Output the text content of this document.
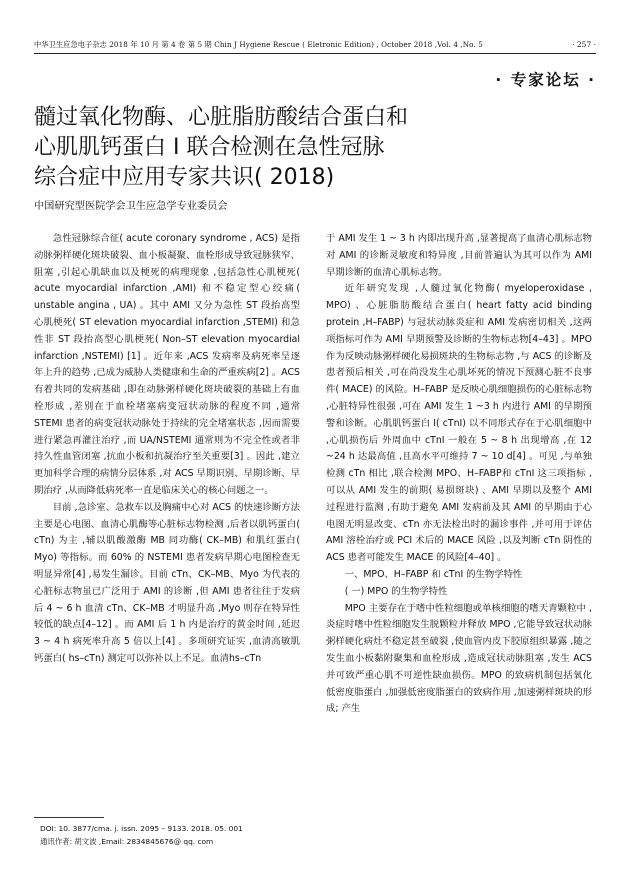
中华卫生应急电子杂志 2018 年 10 月 第 4 卷 第 5 期 Chin J Hygiene Rescue ( Eletronic Edition) , October 2018 ,Vol. 4 ,No. 5	· 257 ·
· 专家论坛 ·
髓过氧化物酶、心脏脂肪酸结合蛋白和
心肌肌钙蛋白 I 联合检测在急性冠脉
综合症中应用专家共识( 2018)
中国研究型医院学会卫生应急学专业委员会

急性冠脉综合征( acute coronary syndrome , ACS) 是指动脉粥样硬化斑块破裂、血小板凝聚、血栓形成导致冠脉狭窄、阻塞 ,引起心肌缺血以及梗死的病理现象 ,包括急性心肌梗死( acute myocardial infarction ,AMI) 和不稳定型心绞痛( unstable angina , UA) 。其中 AMI 又分为急性 ST 段抬高型心肌梗死( ST elevation myocardial infarction ,STEMI) 和急性非 ST 段抬高型心肌梗死( Non–ST elevation myocardial infarction ,NSTEMI) [1] 。近年来 ,ACS 发病率及病死率呈逐年上升的趋势 ,已成为威胁人类健康和生命的严重疾病[2] 。ACS 有着共同的发病基础 ,即在动脉粥样硬化斑块破裂的基础上有血栓形成 ,差别在于血栓堵塞病变冠状动脉的程度不同 ,通常 STEMI 患者的病变冠状动脉处于持续的完全堵塞状态 ,因而需要进行紧急再灌注治疗 ,而 UA/NSTEMI 通常则为不完全性或者非持久性血管闭塞 ,抗血小板和抗凝治疗至关重要[3] 。因此 ,建立更加科学合理的病情分层体系 ,对 ACS 早期识别、早期诊断、早期治疗 ,从而降低病死率一直是临床关心的核心问题之一。

目前 ,急诊室、急救车以及胸痛中心对 ACS 的快速诊断方法主要是心电图、血清心肌酶等心脏标志物检测 ,后者以肌钙蛋白( cTn) 为主 ,辅以肌酸激酶 MB 同功酶( CK–MB) 和肌红蛋白( Myo) 等指标。而 60% 的 NSTEMI 患者发病早期心电图检查无明显异常[4] ,易发生漏诊。目前 cTn、CK–MB、Myo 为代表的心脏标志物虽已广泛用于 AMI 的诊断 ,但 AMI 患者往往于发病后 4 ~ 6 h 血清 cTn、CK–MB 才明显升高 ,Myo 则存在特异性较低的缺点[4–12] 。而 AMI 后 1 h 内是治疗的黄金时间 ,延迟 3 ~ 4 h 病死率升高 5 倍以上[4] 。多项研究证实 ,血清高敏肌钙蛋白( hs–cTn) 测定可以弥补以上不足。血清hs–cTn

于 AMI 发生 1 ~ 3 h 内即出现升高 ,显著提高了血清心肌标志物对 AMI 的诊断灵敏度和特异度 ,目前普遍认为其可以作为 AMI 早期诊断的血清心肌标志物。

近年研究发现 ,人髓过氧化物酶( myeloperoxidase , MPO) 、心脏脂肪酸结合蛋白( heart fatty acid binding protein ,H–FABP) 与冠状动脉炎症和 AMI 发病密切相关 ,这两项指标可作为 AMI 早期预警及诊断的生物标志物[4–43] 。MPO 作为反映动脉粥样硬化易损斑块的生物标志物 ,与 ACS 的诊断及患者预后相关 ,可在尚没发生心肌坏死的情况下预测心脏不良事件( MACE) 的风险。H–FABP 是反映心肌细胞损伤的心脏标志物 ,心脏特异性很强 ,可在 AMI 发生 1 ~3 h 内进行 AMI 的早期预警和诊断。心肌肌钙蛋白 I( cTnI) 以不同形式存在于心肌细胞中 ,心肌损伤后 外周血中 cTnI 一般在 5 ~ 8 h 出现增高 ,在 12 ~24 h 达最高值 ,且高水平可维持 7 ~ 10 d[4] 。可见 ,与单独检测 cTn 相比 ,联合检测 MPO、H–FABP和 cTnI 这三项指标 ,可以从 AMI 发生的前期( 易损斑块) 、AMI 早期以及整个 AMI 过程进行监测 ,有助于避免 AMI 发病前及其 AMI 的早期由于心电图无明显改变、cTn 亦无法检出时的漏诊事件 ,并可用于评估 AMI 溶栓治疗或 PCI 术后的 MACE 风险 ,以及判断 cTn 阴性的 ACS 患者可能发生 MACE 的风险[4–40] 。

一、MPO、H–FABP 和 cTnI 的生物学特性

( 一) MPO 的生物学特性

MPO 主要存在于嗜中性粒细胞或单核细胞的嗜天青颗粒中 ,炎症时嗜中性粒细胞发生脱颗粒并释放 MPO ,它能导致冠状动脉粥样硬化病灶不稳定甚至破裂 ,使血管内皮下胶原组织暴露 ,随之发生血小板黏附聚集和血栓形成 ,造成冠状动脉阻塞 ,发生 ACS 并可致严重心肌不可逆性缺血损伤。MPO 的致病机制包括氧化低密度脂蛋白 ,加强低密度脂蛋白的致病作用 ,加速粥样斑块的形成; 产生

DOI: 10. 3877/cma. j. issn. 2095 – 9133. 2018. 05. 001
通讯作者: 胡文波 ,Email: 2834845676@ qq. com
